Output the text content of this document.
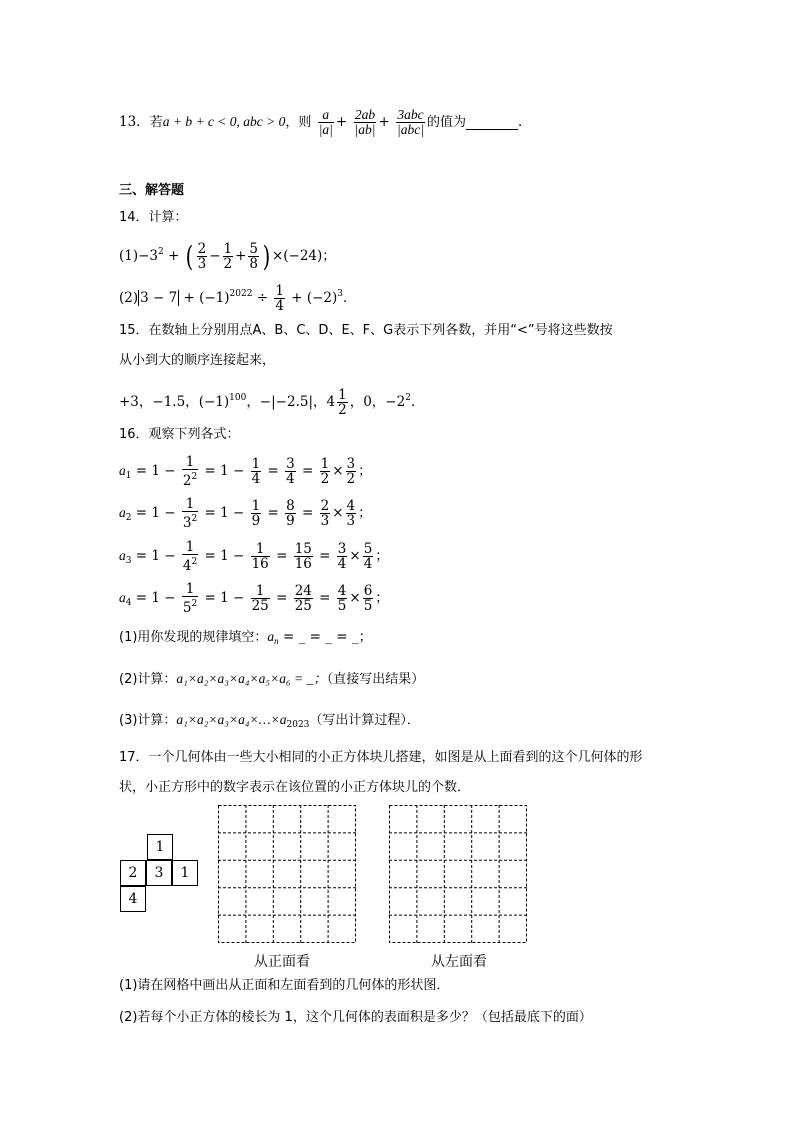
13．若a + b + c < 0, abc > 0，则 $\frac{a}{|a|} + \frac{2ab}{|ab|} + \frac{\text{3abc}}{\text{|abc|}}$ 的值为	．
三、解答题
14．计算：
$(1)-3^2$ + ( $\frac{2}{3} - \frac{1}{2} + \frac{5}{8}$ ) ×(−24)；
(2) $3 - 7 + (-1)^{2022} \div \frac{1}{4} + (-2)^3$．
15．在数轴上分别用点A、B、C、D、E、F、G表示下列各数，并用“<”号将这些数按
从小到大的顺序连接起来，
+3，−1.5，$(-1)^{100}$，−|−2.5|，$4 \frac{1}{2}$ ，0，$-2^2$．
16．观察下列各式：
$a_1 = 1 - \frac{1}{2^2} = 1 - \frac{1}{4} = \frac{3}{4} = \frac{1}{2} \times \frac{3}{2}$ ；
$a_2 = 1 - \frac{1}{3^2} = 1 - \frac{1}{9} = \frac{8}{9} = \frac{2}{3} \times \frac{4}{3}$ ；
$a_3 = 1 - \frac{1}{4^2} = 1 - \frac{1}{16} = \frac{15}{16} = \frac{3}{4} \times \frac{5}{4}$ ；
$a_4 = 1 - \frac{1}{5^2} = 1 - \frac{1}{25} = \frac{24}{25} = \frac{4}{5} \times \frac{6}{5}$ ；
(1)用你发现的规律填空：$a_n$ = _ = _ = _；
(2)计算：a₁×a₂×a₃×a₄×a₅×a₆ = _；（直接写出结果）
(3)计算：$a_1\times a_2\times a_3\times a_4\times\dots\times a_{2023}$（写出计算过程）．
17．一个几何体由一些大小相同的小正方体块儿搭建，如图是从上面看到的这个几何体的形
状，小正方形中的数字表示在该位置的小正方体块儿的个数．
1
2	3	1
4
从正面看	从左面看
(1)请在网格中画出从正面和左面看到的几何体的形状图．
(2)若每个小正方体的棱长为 1，这个几何体的表面积是多少？（包括最底下的面）
